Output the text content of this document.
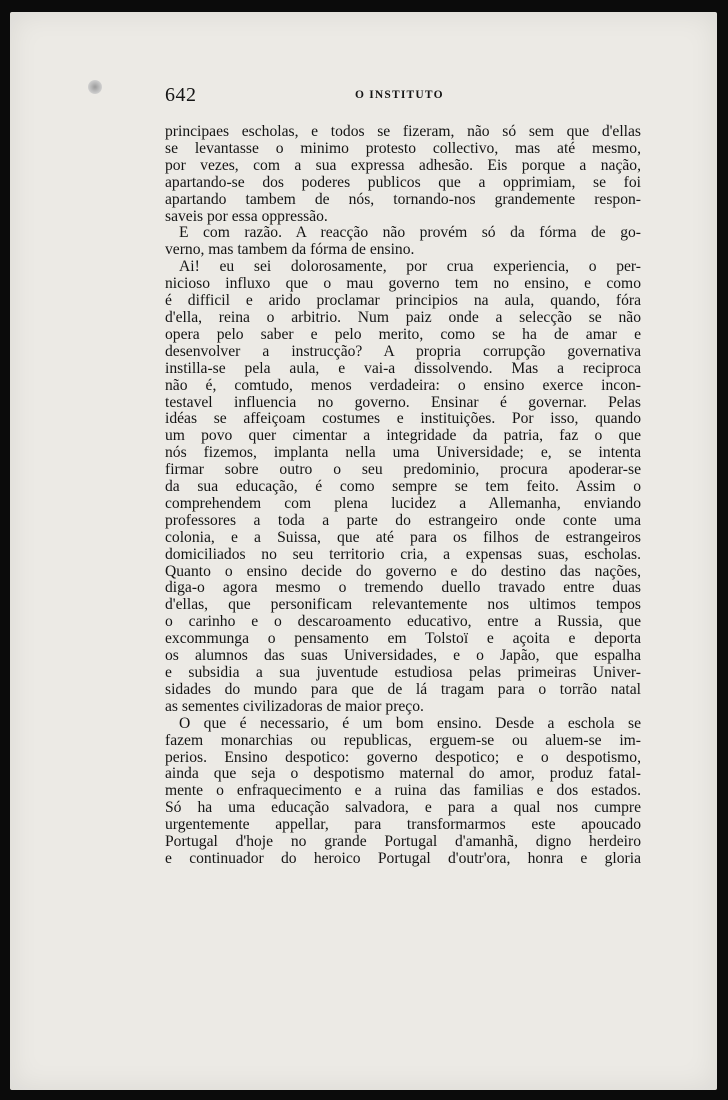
642	O INSTITUTO
principaes escholas, e todos se fizeram, não só sem que d'ellas
se levantasse o minimo protesto collectivo, mas até mesmo,
por vezes, com a sua expressa adhesão. Eis porque a nação,
apartando-se dos poderes publicos que a opprimiam, se foi
apartando tambem de nós, tornando-nos grandemente respon-
saveis por essa oppressão.
E com razão. A reacção não provém só da fórma de go-
verno, mas tambem da fórma de ensino.
Ai! eu sei dolorosamente, por crua experiencia, o per-
nicioso influxo que o mau governo tem no ensino, e como
é difficil e arido proclamar principios na aula, quando, fóra
d'ella, reina o arbitrio. Num paiz onde a selecção se não
opera pelo saber e pelo merito, como se ha de amar e
desenvolver a instrucção? A propria corrupção governativa
instilla-se pela aula, e vai-a dissolvendo. Mas a reciproca
não é, comtudo, menos verdadeira: o ensino exerce incon-
testavel influencia no governo. Ensinar é governar. Pelas
idéas se affeiçoam costumes e instituições. Por isso, quando
um povo quer cimentar a integridade da patria, faz o que
nós fizemos, implanta nella uma Universidade; e, se intenta
firmar sobre outro o seu predominio, procura apoderar-se
da sua educação, é como sempre se tem feito. Assim o
comprehendem com plena lucidez a Allemanha, enviando
professores a toda a parte do estrangeiro onde conte uma
colonia, e a Suissa, que até para os filhos de estrangeiros
domiciliados no seu territorio cria, a expensas suas, escholas.
Quanto o ensino decide do governo e do destino das nações,
diga-o agora mesmo o tremendo duello travado entre duas
d'ellas, que personificam relevantemente nos ultimos tempos
o carinho e o descaroamento educativo, entre a Russia, que
excommunga o pensamento em Tolstoï e açoita e deporta
os alumnos das suas Universidades, e o Japão, que espalha
e subsidia a sua juventude estudiosa pelas primeiras Univer-
sidades do mundo para que de lá tragam para o torrão natal
as sementes civilizadoras de maior preço.
O que é necessario, é um bom ensino. Desde a eschola se
fazem monarchias ou republicas, erguem-se ou aluem-se im-
perios. Ensino despotico: governo despotico; e o despotismo,
ainda que seja o despotismo maternal do amor, produz fatal-
mente o enfraquecimento e a ruina das familias e dos estados.
Só ha uma educação salvadora, e para a qual nos cumpre
urgentemente appellar, para transformarmos este apoucado
Portugal d'hoje no grande Portugal d'amanhã, digno herdeiro
e continuador do heroico Portugal d'outr'ora, honra e gloria
